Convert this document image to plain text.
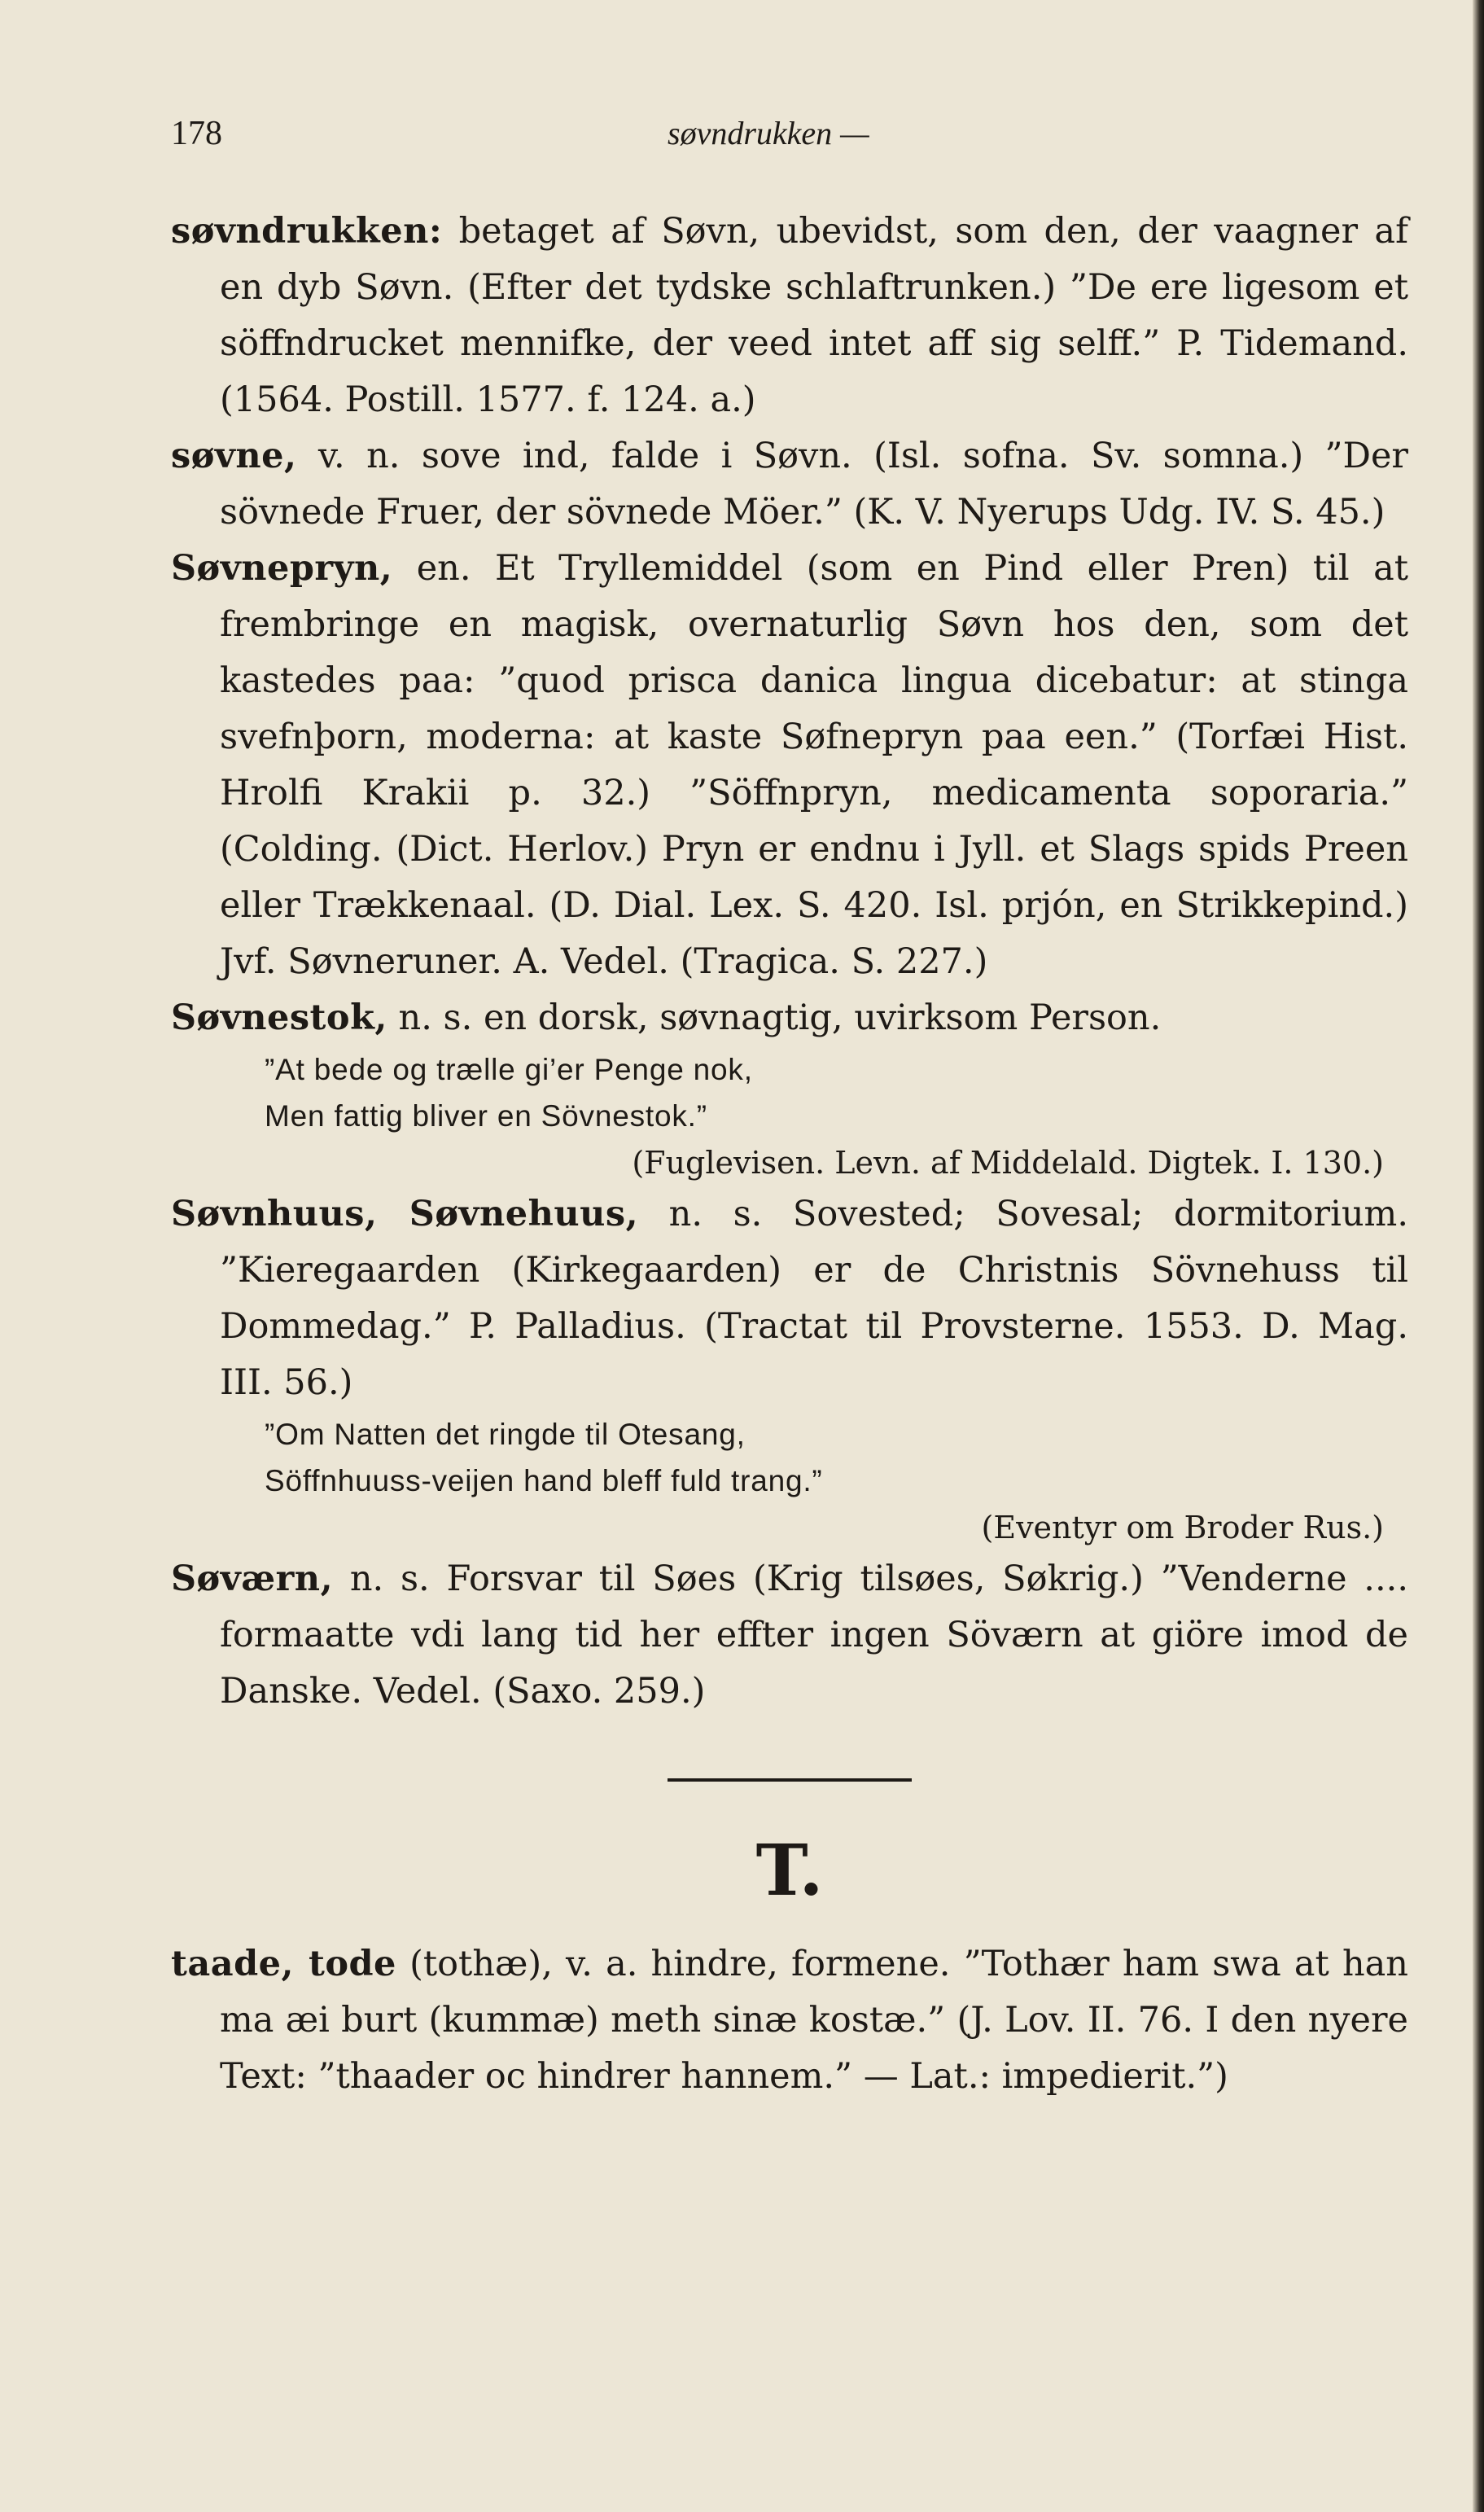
178	søvndrukken —

søvndrukken: betaget af Søvn, ubevidst, som den, der vaagner af en dyb Søvn. (Efter det tydske schlaftrunken.) ”De ere ligesom et söffndrucket mennifke, der veed intet aff sig selff.” P. Tidemand. (1564. Postill. 1577. f. 124. a.)

søvne, v. n. sove ind, falde i Søvn. (Isl. sofna. Sv. somna.) ”Der sövnede Fruer, der sövnede Möer.” (K. V. Nyerups Udg. IV. S. 45.)

Søvnepryn, en. Et Tryllemiddel (som en Pind eller Pren) til at frembringe en magisk, overnaturlig Søvn hos den, som det kastedes paa: ”quod prisca danica lingua dicebatur: at stinga svefnþorn, moderna: at kaste Søfnepryn paa een.” (Torfæi Hist. Hrolfi Krakii p. 32.) ”Söffnpryn, medicamenta soporaria.” (Colding. (Dict. Herlov.) Pryn er endnu i Jyll. et Slags spids Preen eller Trækkenaal. (D. Dial. Lex. S. 420. Isl. prjón, en Strikkepind.) Jvf. Søvneruner. A. Vedel. (Tragica. S. 227.)

Søvnestok, n. s. en dorsk, søvnagtig, uvirksom Person.

”At bede og trælle gi’er Penge nok,

Men fattig bliver en Sövnestok.”

(Fuglevisen. Levn. af Middelald. Digtek. I. 130.)

Søvnhuus, Søvnehuus, n. s. Sovested; Sovesal; dormitorium. ”Kieregaarden (Kirkegaarden) er de Christnis Sövnehuss til Dommedag.” P. Palladius. (Tractat til Provsterne. 1553. D. Mag. III. 56.)

”Om Natten det ringde til Otesang,

Söffnhuuss-veijen hand bleff fuld trang.”

(Eventyr om Broder Rus.)

Søværn, n. s. Forsvar til Søes (Krig tilsøes, Søkrig.) ”Venderne .... formaatte vdi lang tid her effter ingen Söværn at giöre imod de Danske. Vedel. (Saxo. 259.)

T.

taade, tode (tothæ), v. a. hindre, formene. ”Tothær ham swa at han ma æi burt (kummæ) meth sinæ kostæ.” (J. Lov. II. 76. I den nyere Text: ”thaader oc hindrer hannem.” — Lat.: impedierit.”)
